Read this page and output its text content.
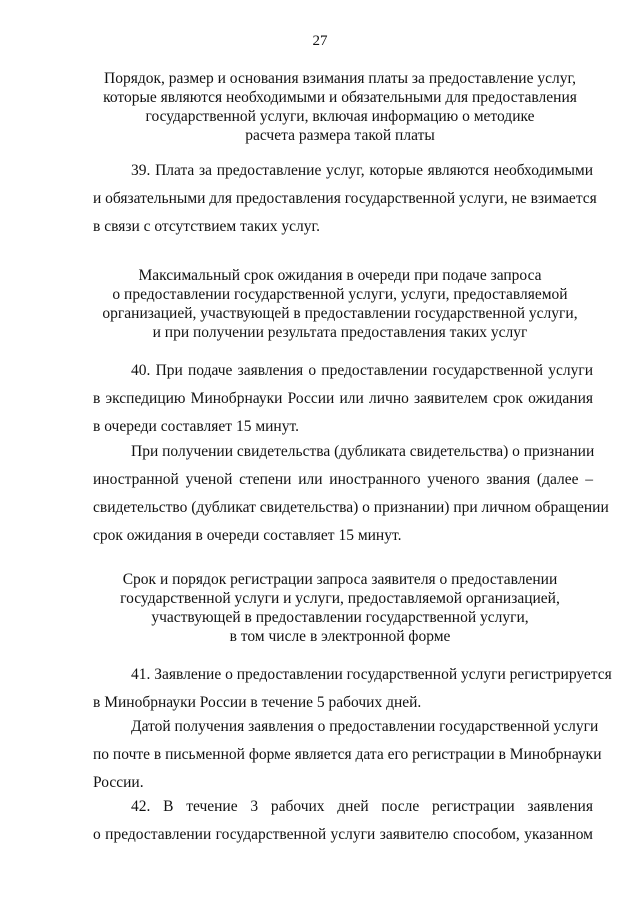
27
Порядок, размер и основания взимания платы за предоставление услуг,
которые являются необходимыми и обязательными для предоставления
государственной услуги, включая информацию о методике
расчета размера такой платы
39. Плата за предоставление услуг, которые являются необходимыми
и обязательными для предоставления государственной услуги, не взимается
в связи с отсутствием таких услуг.
Максимальный срок ожидания в очереди при подаче запроса
о предоставлении государственной услуги, услуги, предоставляемой
организацией, участвующей в предоставлении государственной услуги,
и при получении результата предоставления таких услуг
40. При подаче заявления о предоставлении государственной услуги
в экспедицию Минобрнауки России или лично заявителем срок ожидания
в очереди составляет 15 минут.
При получении свидетельства (дубликата свидетельства) о признании
иностранной ученой степени или иностранного ученого звания (далее –
свидетельство (дубликат свидетельства) о признании) при личном обращении
срок ожидания в очереди составляет 15 минут.
Срок и порядок регистрации запроса заявителя о предоставлении
государственной услуги и услуги, предоставляемой организацией,
участвующей в предоставлении государственной услуги,
в том числе в электронной форме
41. Заявление о предоставлении государственной услуги регистрируется
в Минобрнауки России в течение 5 рабочих дней.
Датой получения заявления о предоставлении государственной услуги
по почте в письменной форме является дата его регистрации в Минобрнауки
России.
42. В течение 3 рабочих дней после регистрации заявления
о предоставлении государственной услуги заявителю способом, указанном
